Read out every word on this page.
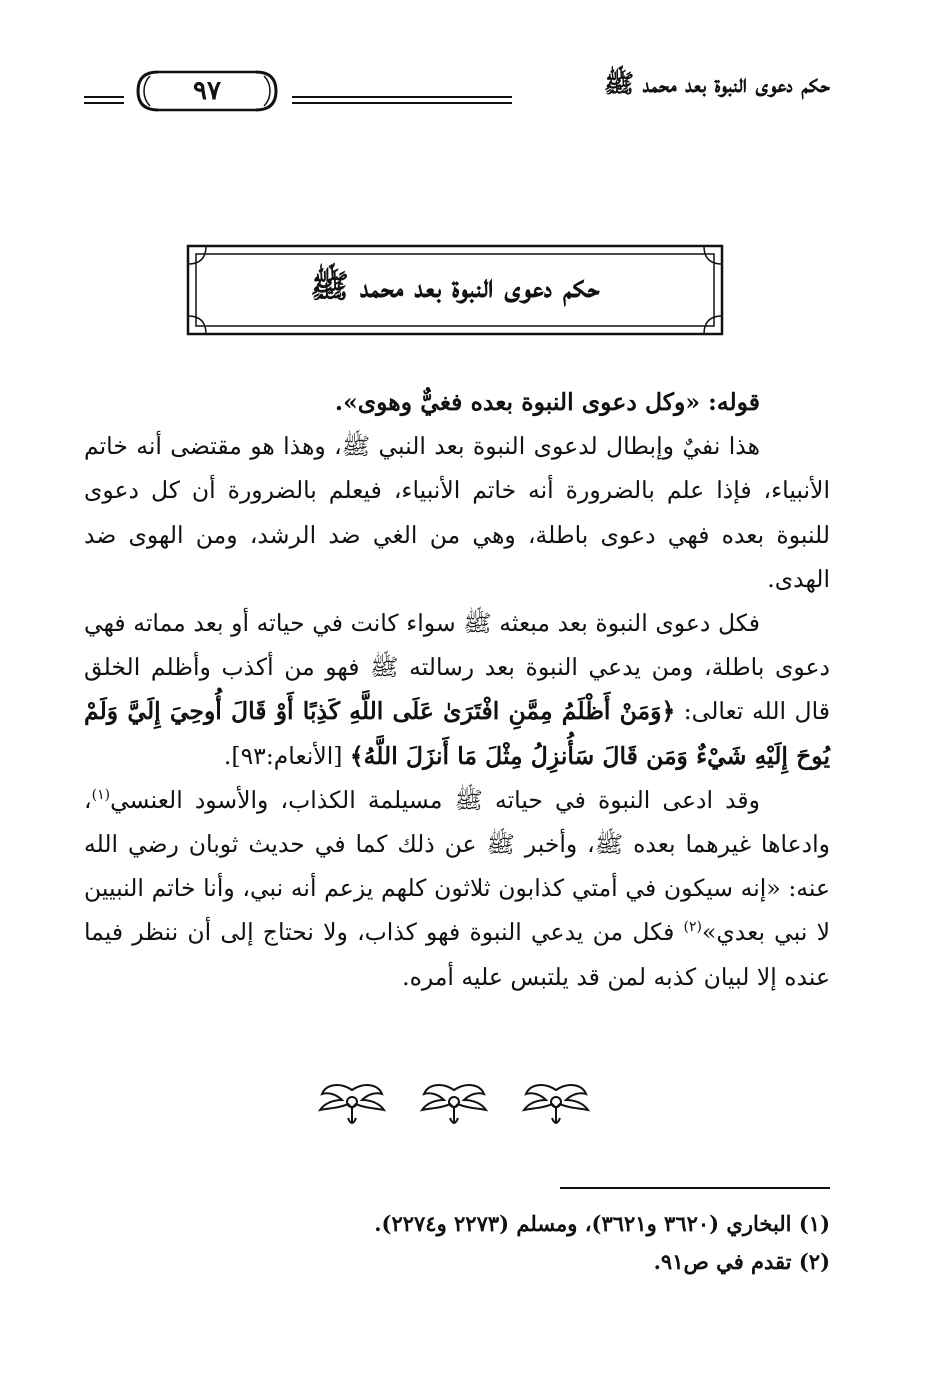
حكم دعوى النبوة بعد محمد ﷺ
٩٧
حكم دعوى النبوة بعد محمد ﷺ

قوله: «وكل دعوى النبوة بعده فغيٌّ وهوى».

هذا نفيٌ وإبطال لدعوى النبوة بعد النبي ﷺ، وهذا هو مقتضى أنه خاتم الأنبياء، فإذا علم بالضرورة أنه خاتم الأنبياء، فيعلم بالضرورة أن كل دعوى للنبوة بعده فهي دعوى باطلة، وهي من الغي ضد الرشد، ومن الهوى ضد الهدى.

فكل دعوى النبوة بعد مبعثه ﷺ سواء كانت في حياته أو بعد مماته فهي دعوى باطلة، ومن يدعي النبوة بعد رسالته ﷺ فهو من أكذب وأظلم الخلق قال الله تعالى: ﴿وَمَنْ أَظْلَمُ مِمَّنِ افْتَرَىٰ عَلَى اللَّهِ كَذِبًا أَوْ قَالَ أُوحِيَ إِلَيَّ وَلَمْ يُوحَ إِلَيْهِ شَيْءٌ وَمَن قَالَ سَأُنزِلُ مِثْلَ مَا أَنزَلَ اللَّهُ﴾ [الأنعام:٩٣].

وقد ادعى النبوة في حياته ﷺ مسيلمة الكذاب، والأسود العنسي$^{(١)}$، وادعاها غيرهما بعده ﷺ، وأخبر ﷺ عن ذلك كما في حديث ثوبان رضي الله عنه: «إنه سيكون في أمتي كذابون ثلاثون كلهم يزعم أنه نبي، وأنا خاتم النبيين لا نبي بعدي»$^{(٢)}$ فكل من يدعي النبوة فهو كذاب، ولا نحتاج إلى أن ننظر فيما عنده إلا لبيان كذبه لمن قد يلتبس عليه أمره.

(١) البخاري (٣٦٢٠ و٣٦٢١)، ومسلم (٢٢٧٣ و٢٢٧٤).

(٢) تقدم في ص٩١.
